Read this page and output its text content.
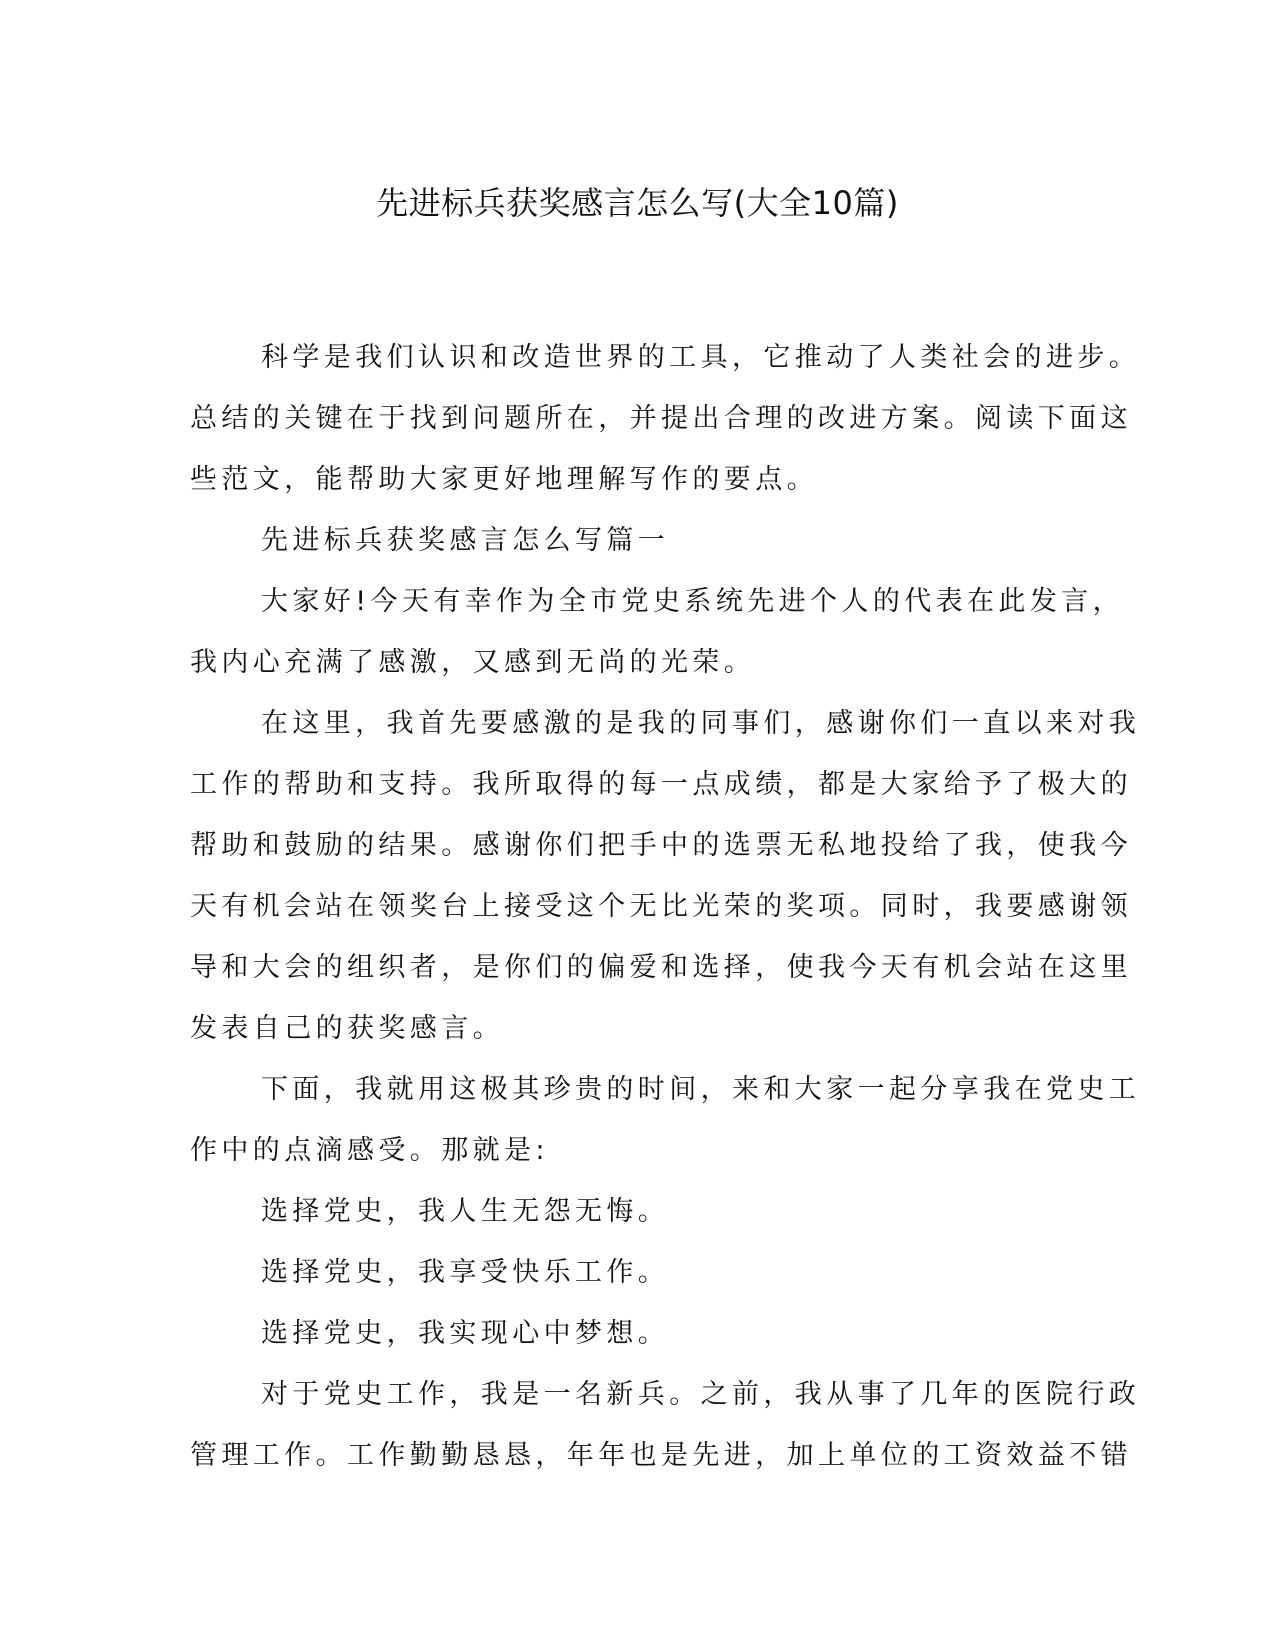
先进标兵获奖感言怎么写(大全10篇)

科学是我们认识和改造世界的工具，它推动了人类社会的进步。
总结的关键在于找到问题所在，并提出合理的改进方案。阅读下面这
些范文，能帮助大家更好地理解写作的要点。

先进标兵获奖感言怎么写篇一

大家好!今天有幸作为全市党史系统先进个人的代表在此发言，
我内心充满了感激，又感到无尚的光荣。

在这里，我首先要感激的是我的同事们，感谢你们一直以来对我
工作的帮助和支持。我所取得的每一点成绩，都是大家给予了极大的
帮助和鼓励的结果。感谢你们把手中的选票无私地投给了我，使我今
天有机会站在领奖台上接受这个无比光荣的奖项。同时，我要感谢领
导和大会的组织者，是你们的偏爱和选择，使我今天有机会站在这里
发表自己的获奖感言。

下面，我就用这极其珍贵的时间，来和大家一起分享我在党史工
作中的点滴感受。那就是:

选择党史，我人生无怨无悔。

选择党史，我享受快乐工作。

选择党史，我实现心中梦想。

对于党史工作，我是一名新兵。之前，我从事了几年的医院行政
管理工作。工作勤勤恳恳，年年也是先进，加上单位的工资效益不错
